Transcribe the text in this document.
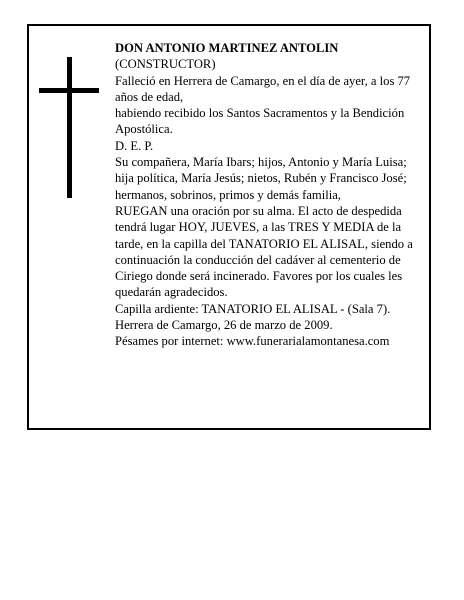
DON ANTONIO MARTINEZ ANTOLIN

(CONSTRUCTOR)

Falleció en Herrera de Camargo, en el día de ayer, a los 77 años de edad,

habiendo recibido los Santos Sacramentos y la Bendición Apostólica.

D. E. P.

Su compañera, María Ibars; hijos, Antonio y María Luisa; hija política, María Jesús; nietos, Rubén y Francisco José; hermanos, sobrinos, primos y demás familia,

RUEGAN una oración por su alma. El acto de despedida tendrá lugar HOY, JUEVES, a las TRES Y MEDIA de la tarde, en la capilla del TANATORIO EL ALISAL, siendo a continuación la conducción del cadáver al cementerio de Ciriego donde será incinerado. Favores por los cuales les quedarán agradecidos.

Capilla ardiente: TANATORIO EL ALISAL - (Sala 7).

Herrera de Camargo, 26 de marzo de 2009.

Pésames por internet: www.funerarialamontanesa.com
